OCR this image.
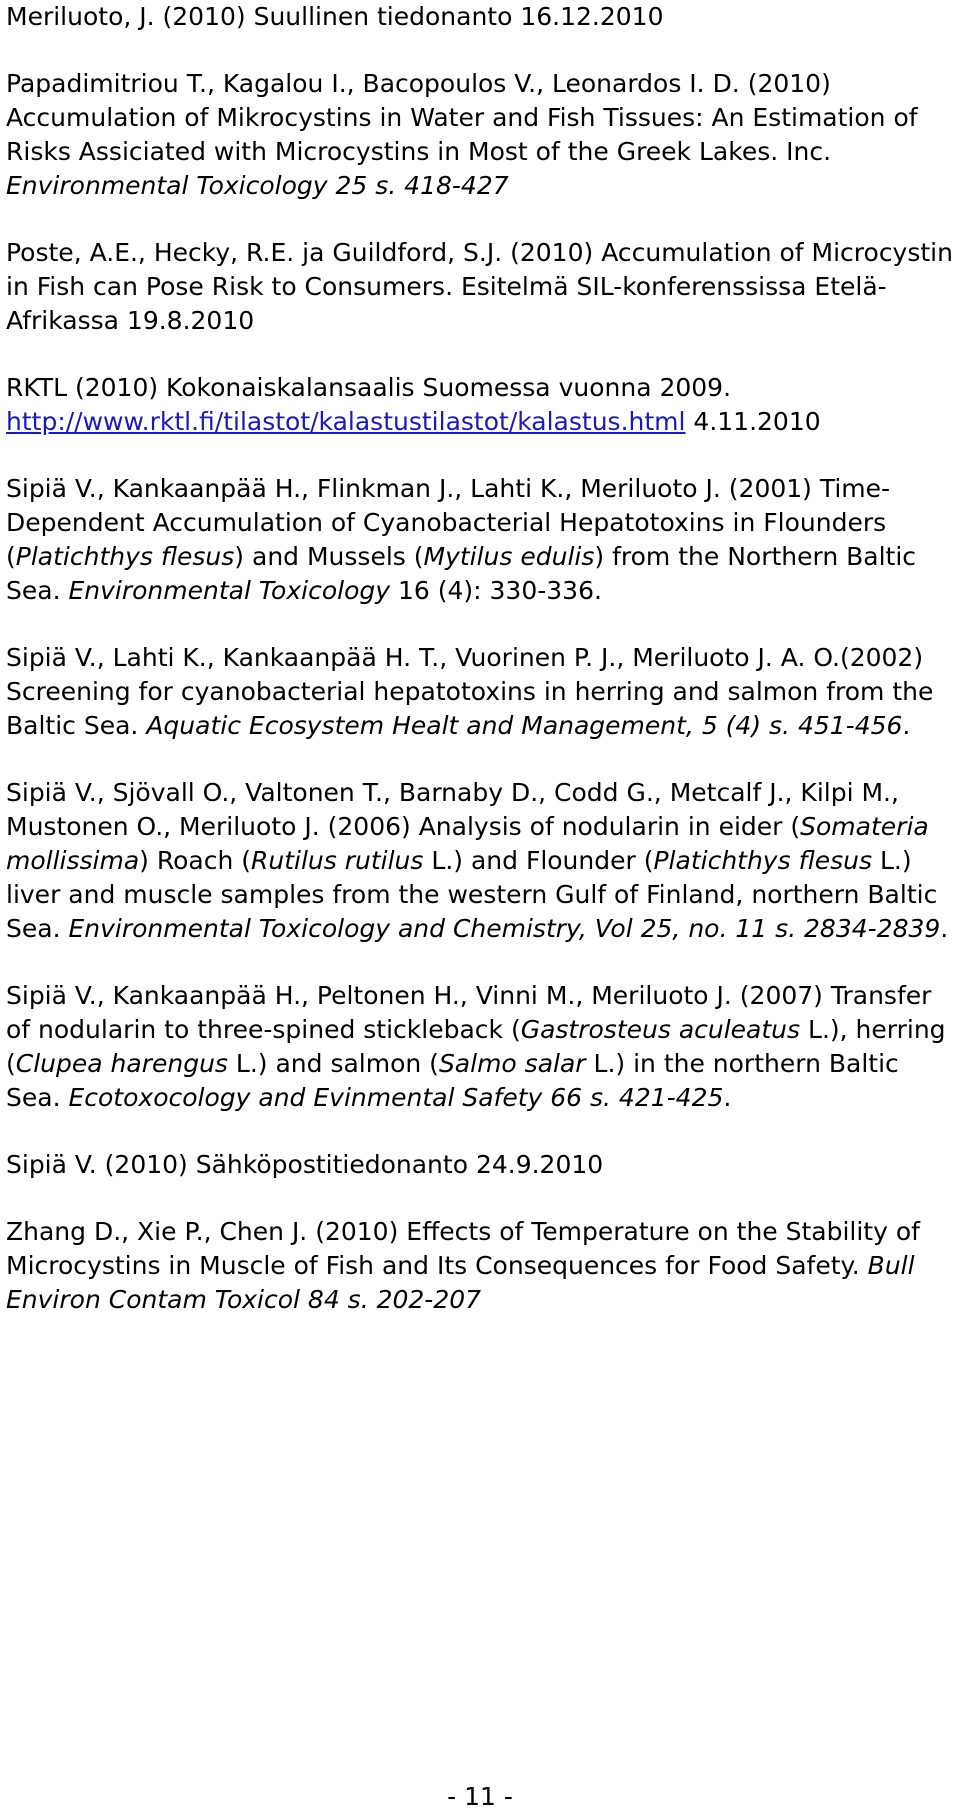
Meriluoto, J. (2010) Suullinen tiedonanto 16.12.2010

Papadimitriou T., Kagalou I., Bacopoulos V., Leonardos I. D. (2010) Accumulation of Mikrocystins in Water and Fish Tissues: An Estimation of Risks Assiciated with Microcystins in Most of the Greek Lakes. Inc. Environmental Toxicology 25 s. 418-427

Poste, A.E., Hecky, R.E. ja Guildford, S.J. (2010) Accumulation of Microcystin in Fish can Pose Risk to Consumers. Esitelmä SIL-konferenssissa Etelä-Afrikassa 19.8.2010

RKTL (2010) Kokonaiskalansaalis Suomessa vuonna 2009. http://www.rktl.fi/tilastot/kalastustilastot/kalastus.html 4.11.2010

Sipiä V., Kankaanpää H., Flinkman J., Lahti K., Meriluoto J. (2001) Time-Dependent Accumulation of Cyanobacterial Hepatotoxins in Flounders (Platichthys flesus) and Mussels (Mytilus edulis) from the Northern Baltic Sea. Environmental Toxicology 16 (4): 330-336.

Sipiä V., Lahti K., Kankaanpää H. T., Vuorinen P. J., Meriluoto J. A. O.(2002) Screening for cyanobacterial hepatotoxins in herring and salmon from the Baltic Sea. Aquatic Ecosystem Healt and Management, 5 (4) s. 451-456.

Sipiä V., Sjövall O., Valtonen T., Barnaby D., Codd G., Metcalf J., Kilpi M., Mustonen O., Meriluoto J. (2006) Analysis of nodularin in eider (Somateria mollissima) Roach (Rutilus rutilus L.) and Flounder (Platichthys flesus L.) liver and muscle samples from the western Gulf of Finland, northern Baltic Sea. Environmental Toxicology and Chemistry, Vol 25, no. 11 s. 2834-2839.

Sipiä V., Kankaanpää H., Peltonen H., Vinni M., Meriluoto J. (2007) Transfer of nodularin to three-spined stickleback (Gastrosteus aculeatus L.), herring (Clupea harengus L.) and salmon (Salmo salar L.) in the northern Baltic Sea. Ecotoxocology and Evinmental Safety 66 s. 421-425.

Sipiä V. (2010) Sähköpostitiedonanto 24.9.2010

Zhang D., Xie P., Chen J. (2010) Effects of Temperature on the Stability of Microcystins in Muscle of Fish and Its Consequences for Food Safety. Bull Environ Contam Toxicol 84 s. 202-207

- 11 -
